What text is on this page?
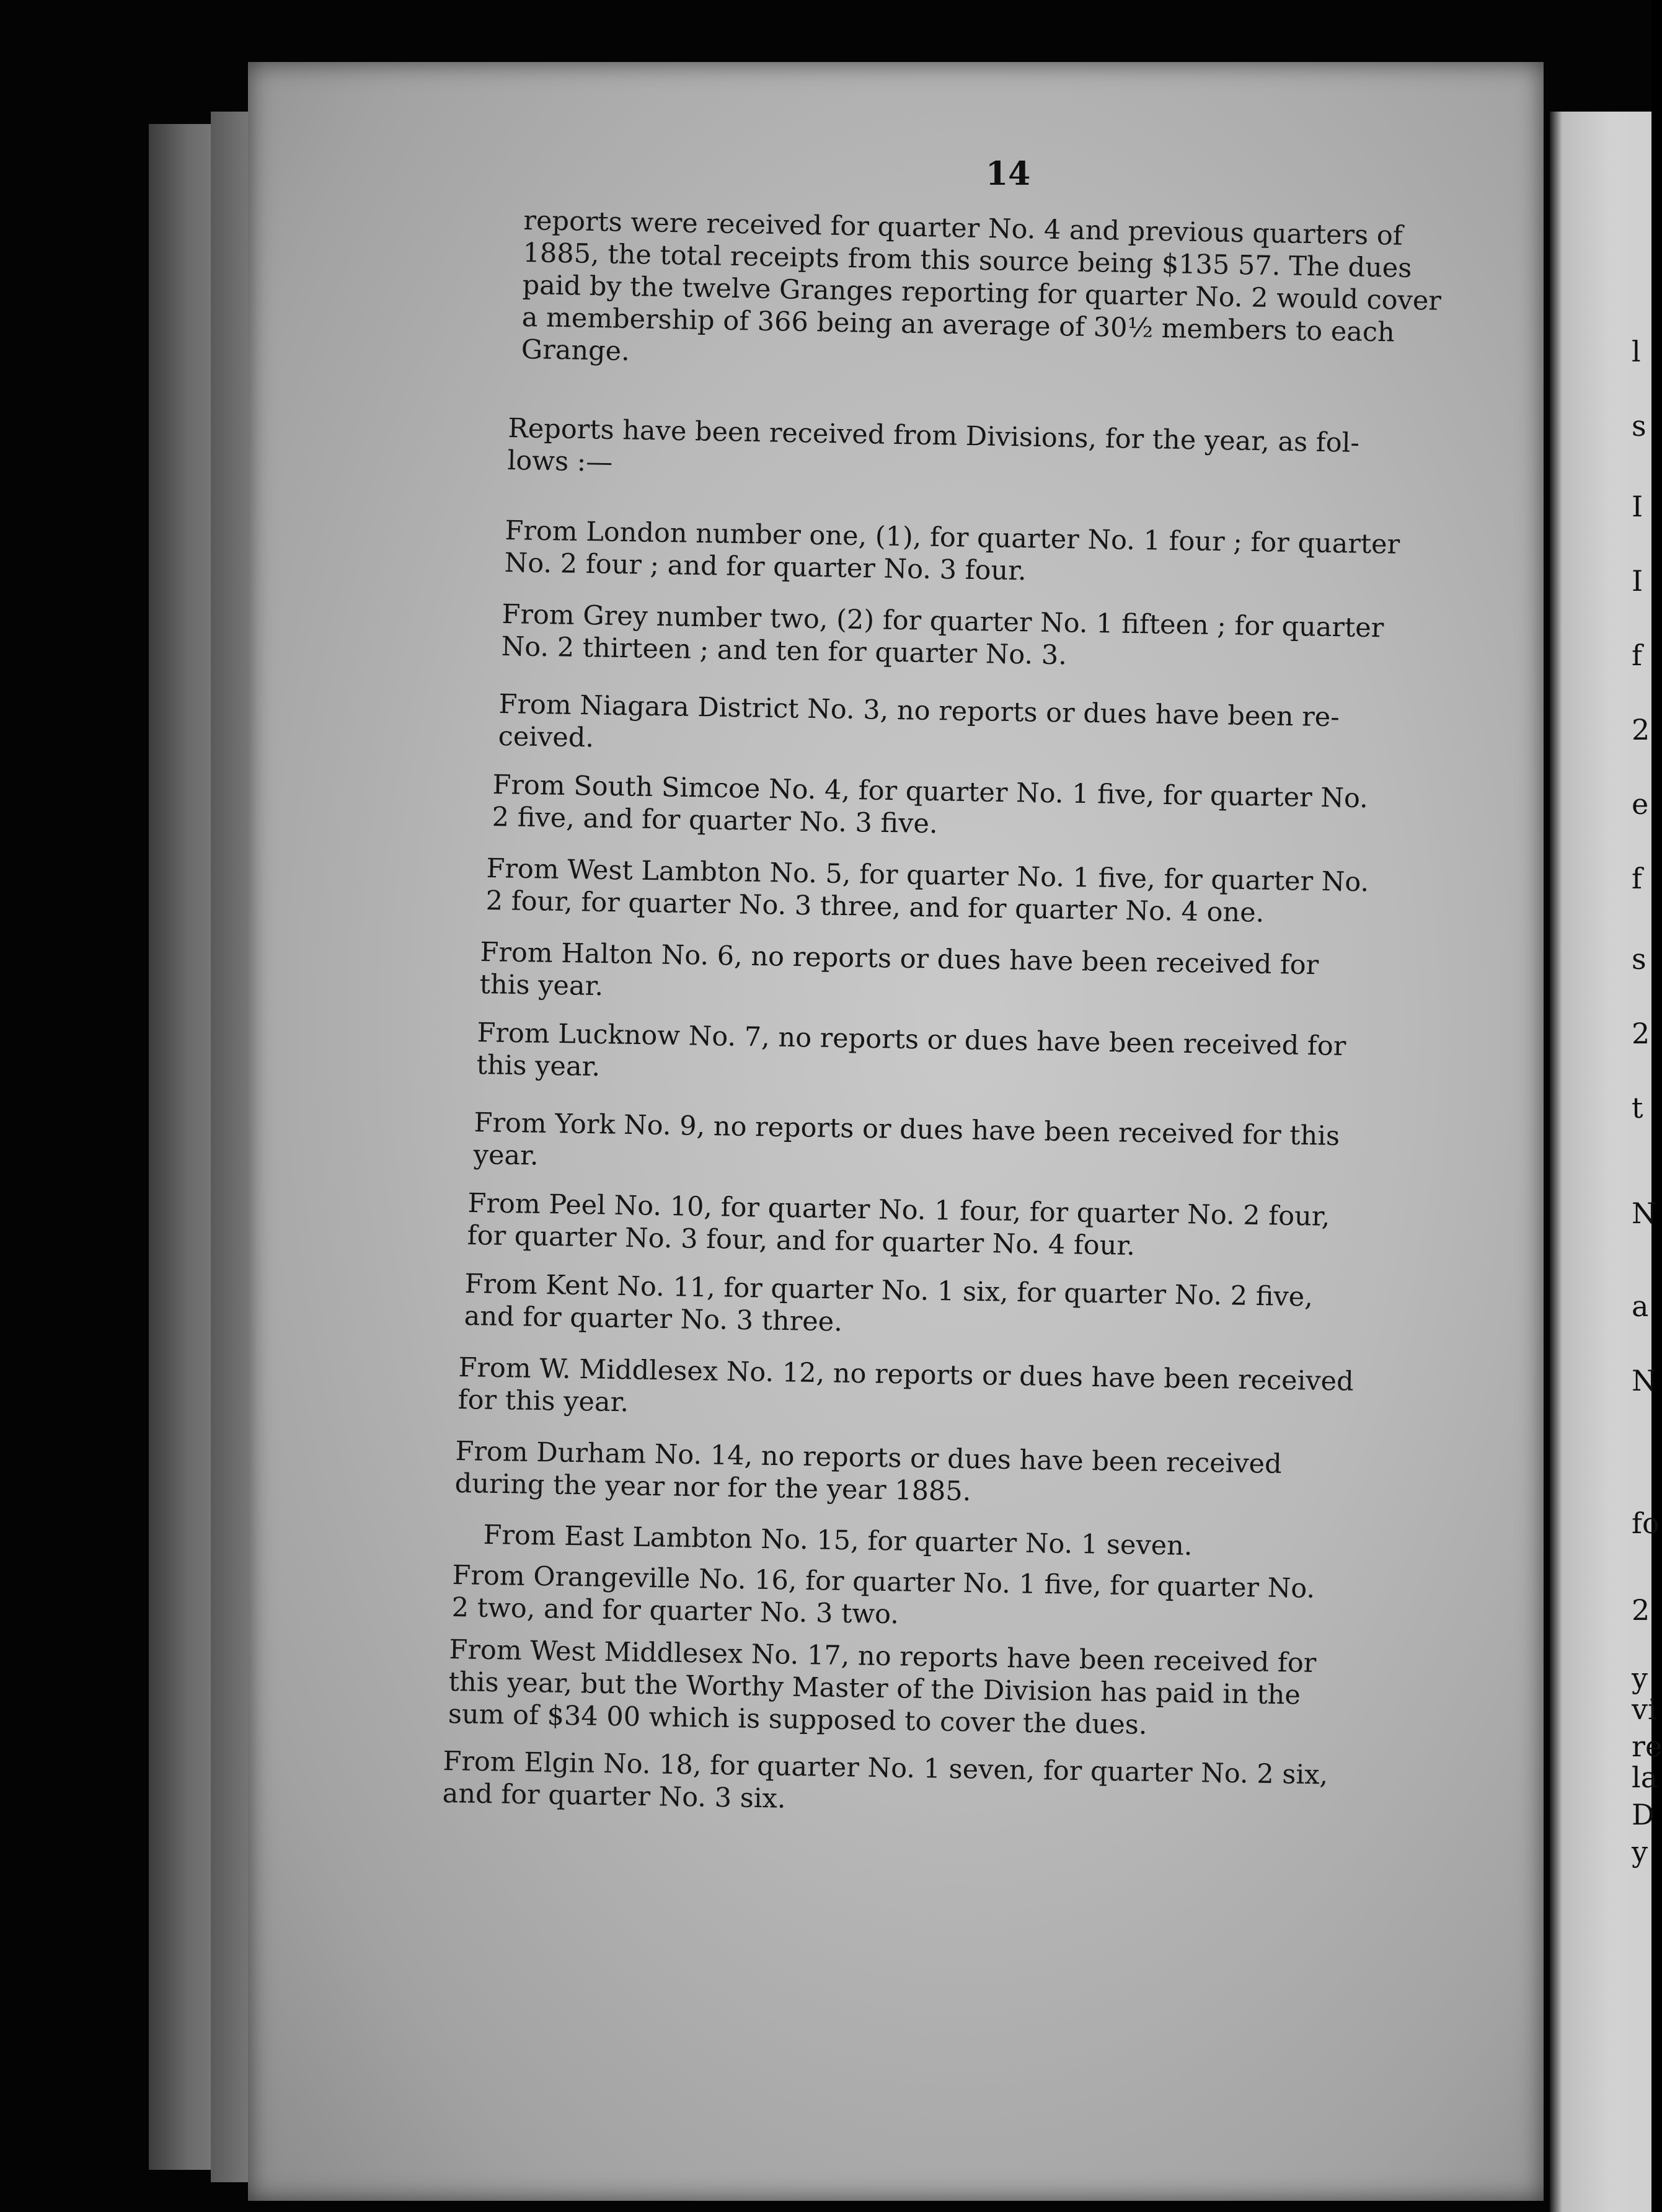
14
reports were received for quarter No. 4 and previous quarters of
1885, the total receipts from this source being $135 57. The dues
paid by the twelve Granges reporting for quarter No. 2 would cover
a membership of 366 being an average of 30½ members to each
Grange.
Reports have been received from Divisions, for the year, as fol-
lows :—
From London number one, (1), for quarter No. 1 four ; for quarter
No. 2 four ; and for quarter No. 3 four.
From Grey number two, (2) for quarter No. 1 fifteen ; for quarter
No. 2 thirteen ; and ten for quarter No. 3.
From Niagara District No. 3, no reports or dues have been re-
ceived.
From South Simcoe No. 4, for quarter No. 1 five, for quarter No.
2 five, and for quarter No. 3 five.
From West Lambton No. 5, for quarter No. 1 five, for quarter No.
2 four, for quarter No. 3 three, and for quarter No. 4 one.
From Halton No. 6, no reports or dues have been received for
this year.
From Lucknow No. 7, no reports or dues have been received for
this year.
From York No. 9, no reports or dues have been received for this
year.
From Peel No. 10, for quarter No. 1 four, for quarter No. 2 four,
for quarter No. 3 four, and for quarter No. 4 four.
From Kent No. 11, for quarter No. 1 six, for quarter No. 2 five,
and for quarter No. 3 three.
From W. Middlesex No. 12, no reports or dues have been received
for this year.
From Durham No. 14, no reports or dues have been received
during the year nor for the year 1885.
From East Lambton No. 15, for quarter No. 1 seven.
From Orangeville No. 16, for quarter No. 1 five, for quarter No.
2 two, and for quarter No. 3 two.
From West Middlesex No. 17, no reports have been received for
this year, but the Worthy Master of the Division has paid in the
sum of $34 00 which is supposed to cover the dues.
From Elgin No. 18, for quarter No. 1 seven, for quarter No. 2 six,
and for quarter No. 3 six.
l
s
I
I
f
2
e
f
s
2
t
N
a
N
fo
2
y
vi
re
la
D
y
